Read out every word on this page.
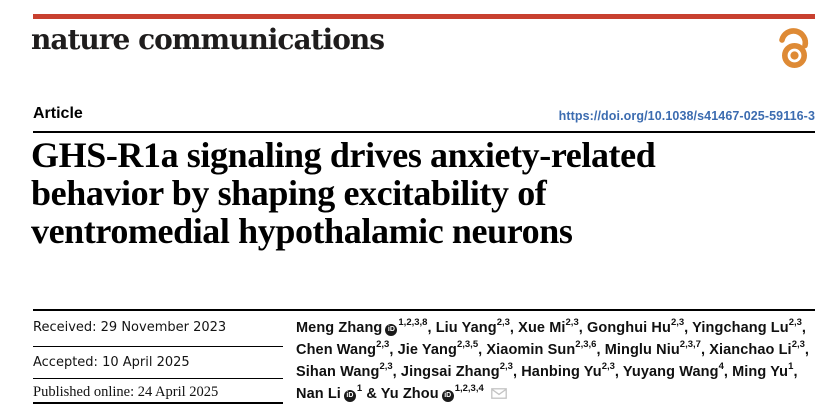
nature communications
Article	https://doi.org/10.1038/s41467-025-59116-3
GHS-R1a signaling drives anxiety-related
behavior by shaping excitability of
ventromedial hypothalamic neurons
Received: 29 November 2023
Accepted: 10 April 2025
Published online: 24 April 2025
Meng Zhang iD$^{1,2,3,8}$, Liu Yang$^{2,3}$, Xue Mi$^{2,3}$, Gonghui Hu$^{2,3}$, Yingchang Lu$^{2,3}$,
Chen Wang$^{2,3}$, Jie Yang$^{2,3,5}$, Xiaomin Sun$^{2,3,6}$, Minglu Niu$^{2,3,7}$, Xianchao Li$^{2,3}$,
Sihan Wang$^{2,3}$, Jingsai Zhang$^{2,3}$, Hanbing Yu$^{2,3}$, Yuyang Wang$^4$, Ming Yu$^1$,
Nan Li $iD^1$ & Yu Zhou iD$^{1,2,3,4}$
